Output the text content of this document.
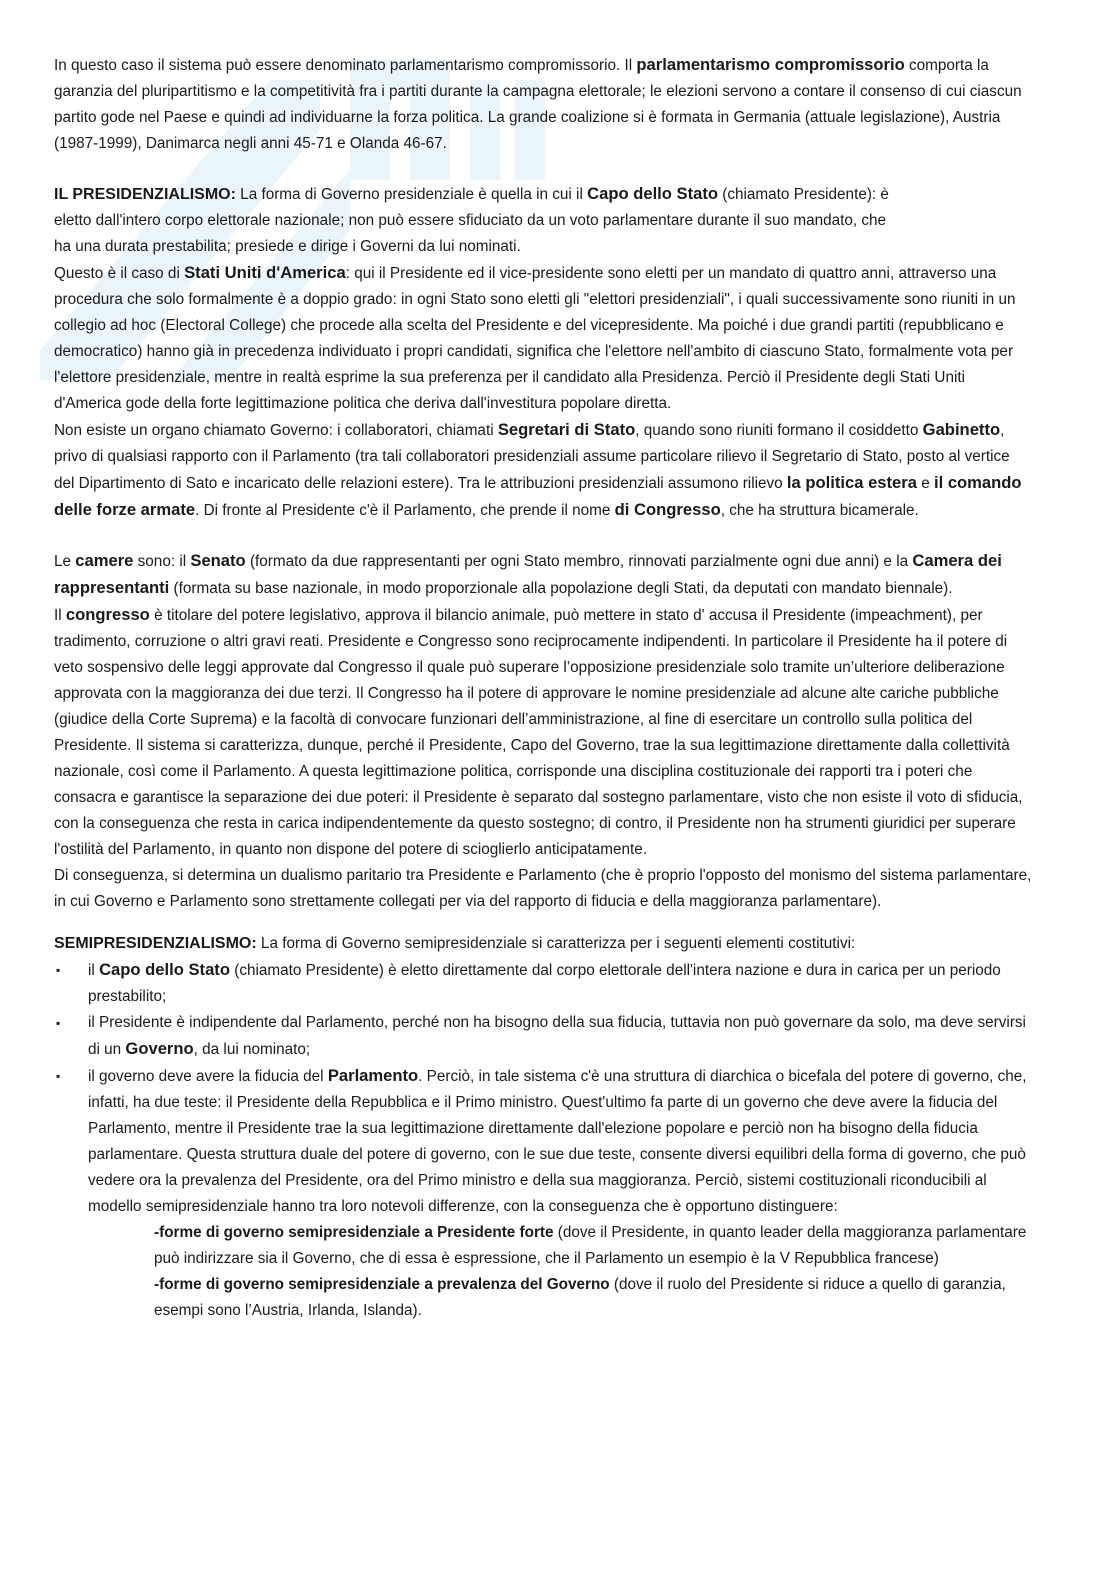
In questo caso il sistema può essere denominato parlamentarismo compromissorio. Il parlamentarismo compromissorio comporta la garanzia del pluripartitismo e la competitività fra i partiti durante la campagna elettorale; le elezioni servono a contare il consenso di cui ciascun partito gode nel Paese e quindi ad individuarne la forza politica. La grande coalizione si è formata in Germania (attuale legislazione), Austria (1987-1999), Danimarca negli anni 45-71 e Olanda 46-67.

IL PRESIDENZIALISMO: La forma di Governo presidenziale è quella in cui il Capo dello Stato (chiamato Presidente): è eletto dall'intero corpo elettorale nazionale; non può essere sfiduciato da un voto parlamentare durante il suo mandato, che ha una durata prestabilita; presiede e dirige i Governi da lui nominati.

Questo è il caso di Stati Uniti d'America: qui il Presidente ed il vice-presidente sono eletti per un mandato di quattro anni, attraverso una procedura che solo formalmente è a doppio grado: in ogni Stato sono eletti gli "elettori presidenziali", i quali successivamente sono riuniti in un collegio ad hoc (Electoral College) che procede alla scelta del Presidente e del vicepresidente. Ma poiché i due grandi partiti (repubblicano e democratico) hanno già in precedenza individuato i propri candidati, significa che l'elettore nell'ambito di ciascuno Stato, formalmente vota per l'elettore presidenziale, mentre in realtà esprime la sua preferenza per il candidato alla Presidenza. Perciò il Presidente degli Stati Uniti d'America gode della forte legittimazione politica che deriva dall'investitura popolare diretta.

Non esiste un organo chiamato Governo: i collaboratori, chiamati Segretari di Stato, quando sono riuniti formano il cosiddetto Gabinetto, privo di qualsiasi rapporto con il Parlamento (tra tali collaboratori presidenziali assume particolare rilievo il Segretario di Stato, posto al vertice del Dipartimento di Sato e incaricato delle relazioni estere). Tra le attribuzioni presidenziali assumono rilievo la politica estera e il comando delle forze armate. Di fronte al Presidente c'è il Parlamento, che prende il nome di Congresso, che ha struttura bicamerale.

Le camere sono: il Senato (formato da due rappresentanti per ogni Stato membro, rinnovati parzialmente ogni due anni) e la Camera dei rappresentanti (formata su base nazionale, in modo proporzionale alla popolazione degli Stati, da deputati con mandato biennale).

Il congresso è titolare del potere legislativo, approva il bilancio animale, può mettere in stato d' accusa il Presidente (impeachment), per tradimento, corruzione o altri gravi reati. Presidente e Congresso sono reciprocamente indipendenti. In particolare il Presidente ha il potere di veto sospensivo delle leggi approvate dal Congresso il quale può superare l’opposizione presidenziale solo tramite un’ulteriore deliberazione approvata con la maggioranza dei due terzi. Il Congresso ha il potere di approvare le nomine presidenziale ad alcune alte cariche pubbliche (giudice della Corte Suprema) e la facoltà di convocare funzionari dell’amministrazione, al fine di esercitare un controllo sulla politica del Presidente. Il sistema si caratterizza, dunque, perché il Presidente, Capo del Governo, trae la sua legittimazione direttamente dalla collettività nazionale, così come il Parlamento. A questa legittimazione politica, corrisponde una disciplina costituzionale dei rapporti tra i poteri che consacra e garantisce la separazione dei due poteri: il Presidente è separato dal sostegno parlamentare, visto che non esiste il voto di sfiducia, con la conseguenza che resta in carica indipendentemente da questo sostegno; di contro, il Presidente non ha strumenti giuridici per superare l'ostilità del Parlamento, in quanto non dispone del potere di scioglierlo anticipatamente.

Di conseguenza, si determina un dualismo paritario tra Presidente e Parlamento (che è proprio l'opposto del monismo del sistema parlamentare, in cui Governo e Parlamento sono strettamente collegati per via del rapporto di fiducia e della maggioranza parlamentare).

SEMIPRESIDENZIALISMO: La forma di Governo semipresidenziale si caratterizza per i seguenti elementi costitutivi:

▪ il Capo dello Stato (chiamato Presidente) è eletto direttamente dal corpo elettorale dell'intera nazione e dura in carica per un periodo prestabilito;

▪ il Presidente è indipendente dal Parlamento, perché non ha bisogno della sua fiducia, tuttavia non può governare da solo, ma deve servirsi di un Governo, da lui nominato;

▪ il governo deve avere la fiducia del Parlamento. Perciò, in tale sistema c'è una struttura di diarchica o bicefala del potere di governo, che, infatti, ha due teste: il Presidente della Repubblica e il Primo ministro. Quest'ultimo fa parte di un governo che deve avere la fiducia del Parlamento, mentre il Presidente trae la sua legittimazione direttamente dall'elezione popolare e perciò non ha bisogno della fiducia parlamentare. Questa struttura duale del potere di governo, con le sue due teste, consente diversi equilibri della forma di governo, che può vedere ora la prevalenza del Presidente, ora del Primo ministro e della sua maggioranza. Perciò, sistemi costituzionali riconducibili al modello semipresidenziale hanno tra loro notevoli differenze, con la conseguenza che è opportuno distinguere:

-forme di governo semipresidenziale a Presidente forte (dove il Presidente, in quanto leader della maggioranza parlamentare può indirizzare sia il Governo, che di essa è espressione, che il Parlamento un esempio è la V Repubblica francese)

-forme di governo semipresidenziale a prevalenza del Governo (dove il ruolo del Presidente si riduce a quello di garanzia, esempi sono l’Austria, Irlanda, Islanda).
